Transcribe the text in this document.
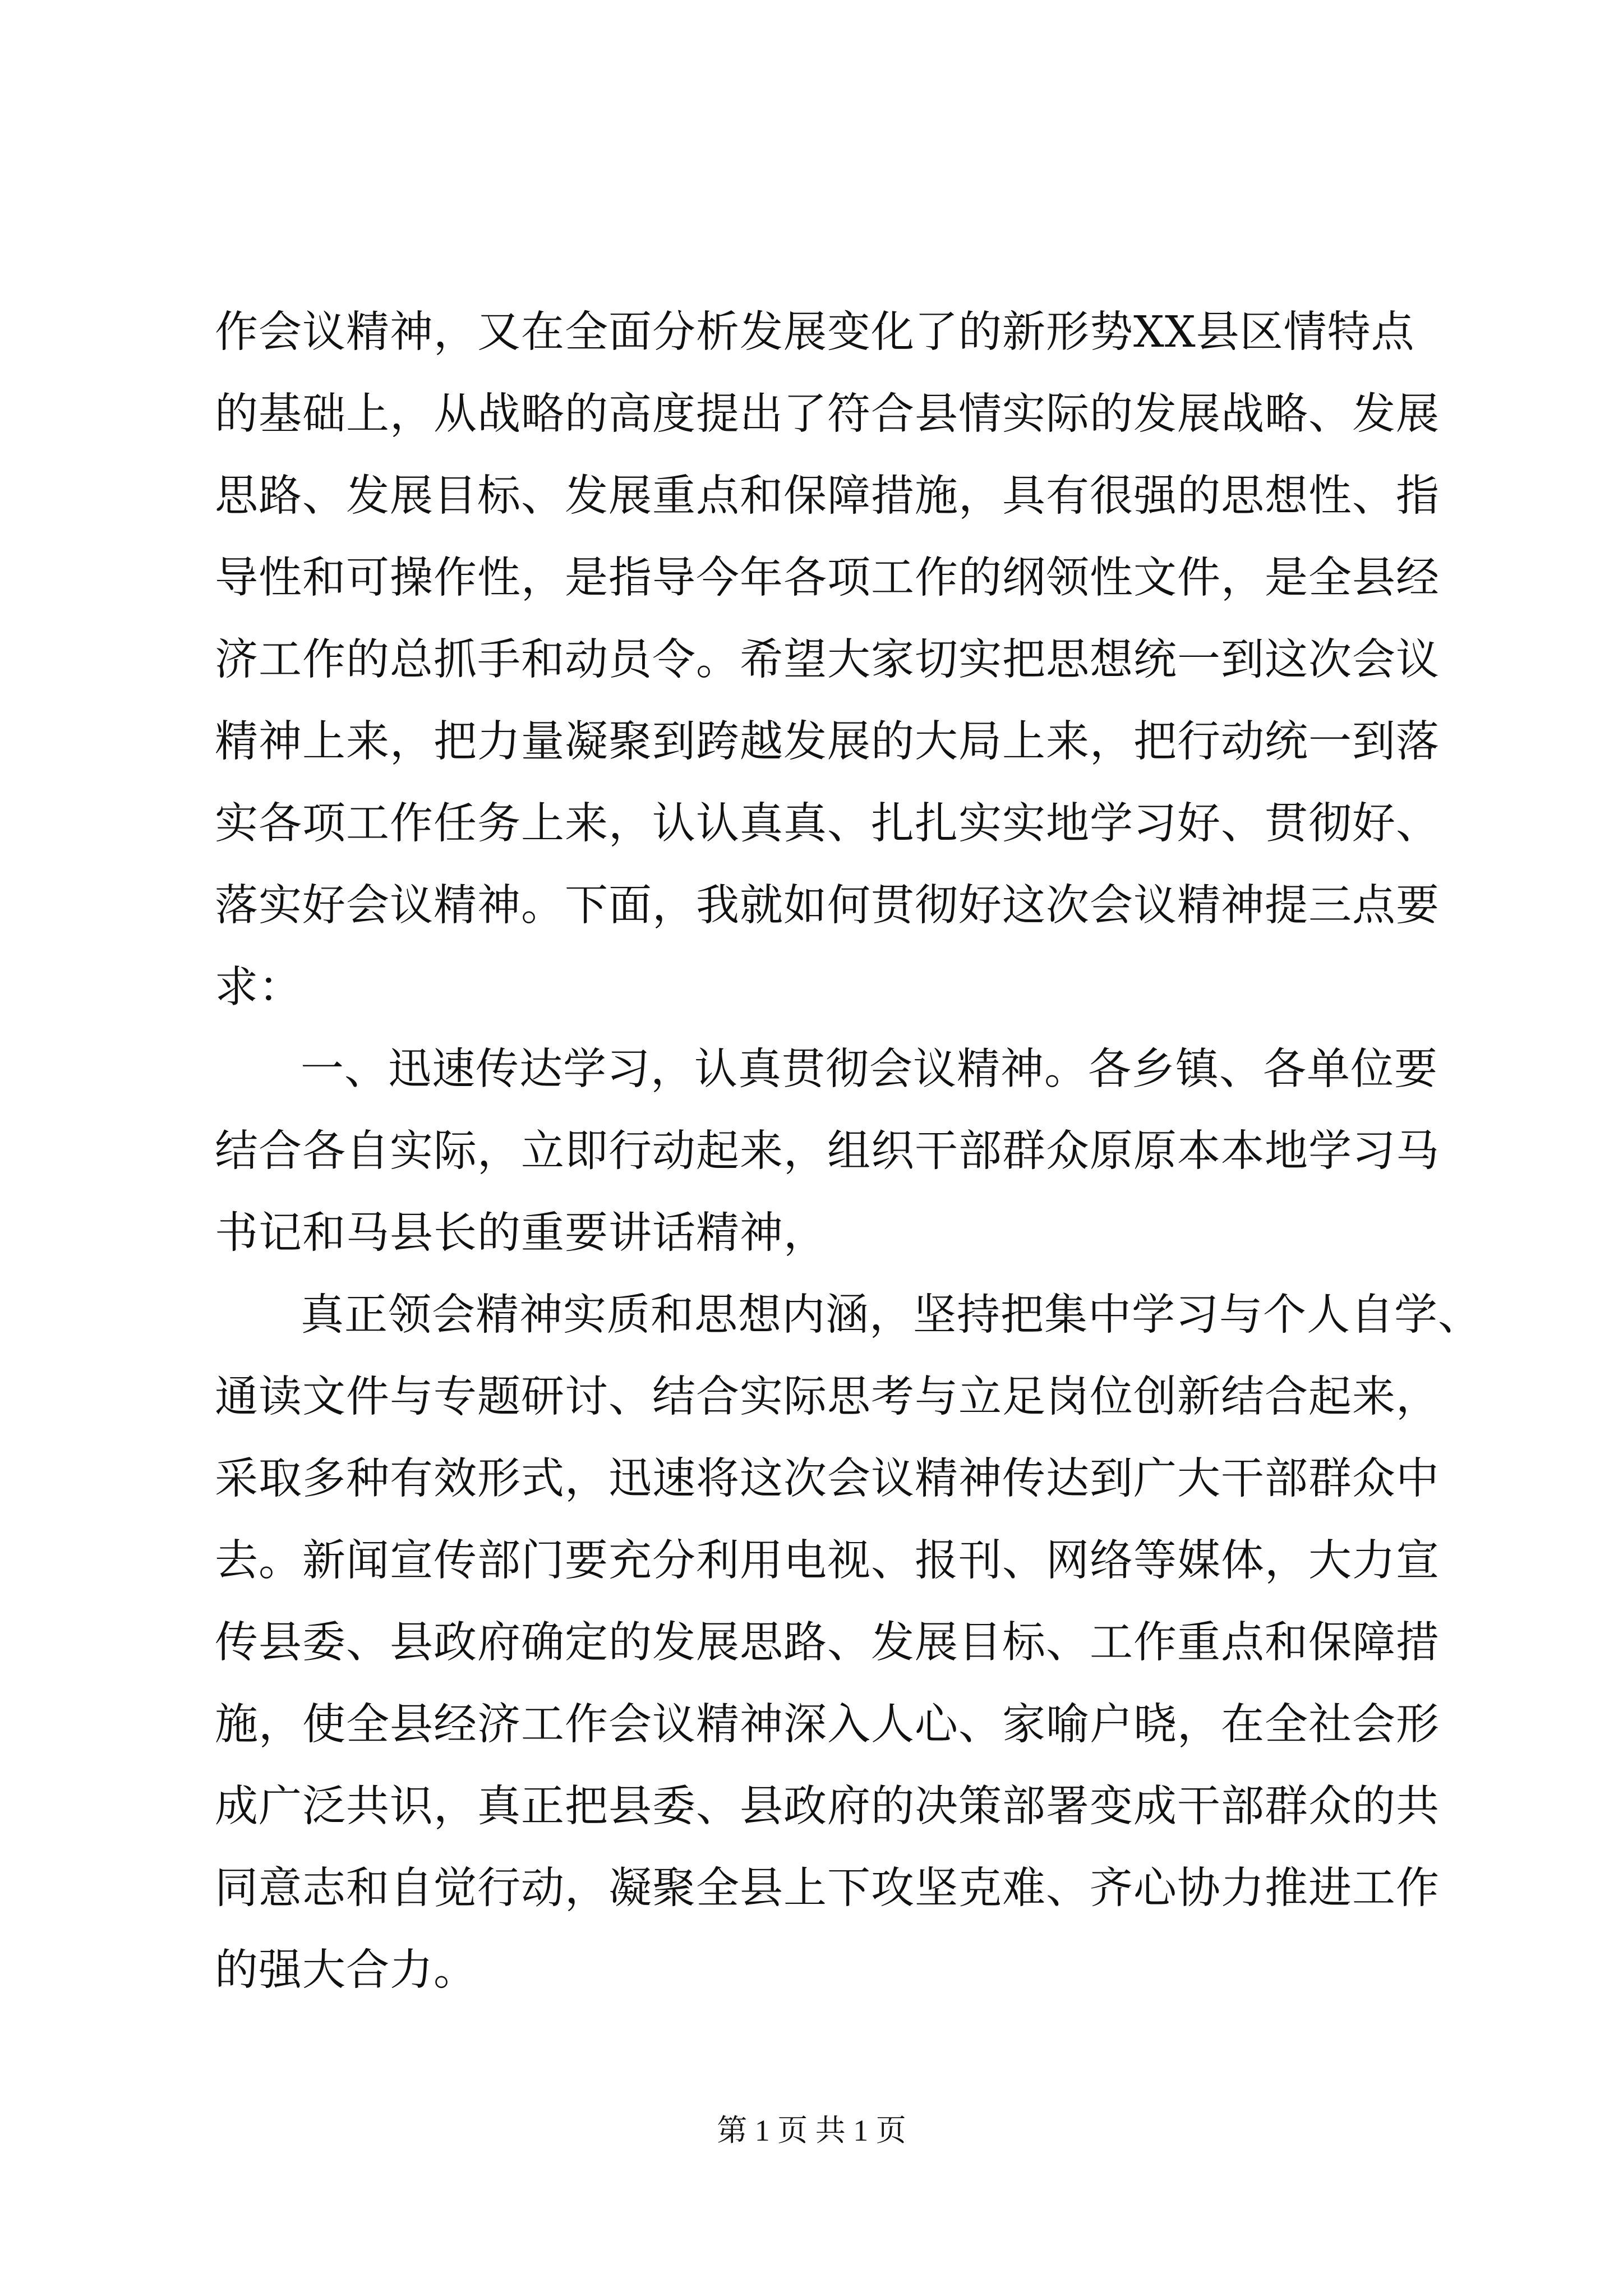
作会议精神，又在全面分析发展变化了的新形势XX县区情特点
的基础上，从战略的高度提出了符合县情实际的发展战略、发展
思路、发展目标、发展重点和保障措施，具有很强的思想性、指
导性和可操作性，是指导今年各项工作的纲领性文件，是全县经
济工作的总抓手和动员令。希望大家切实把思想统一到这次会议
精神上来，把力量凝聚到跨越发展的大局上来，把行动统一到落
实各项工作任务上来，认认真真、扎扎实实地学习好、贯彻好、
落实好会议精神。下面，我就如何贯彻好这次会议精神提三点要
求：
一、迅速传达学习，认真贯彻会议精神。各乡镇、各单位要
结合各自实际，立即行动起来，组织干部群众原原本本地学习马
书记和马县长的重要讲话精神，
真正领会精神实质和思想内涵，坚持把集中学习与个人自学、
通读文件与专题研讨、结合实际思考与立足岗位创新结合起来，
采取多种有效形式，迅速将这次会议精神传达到广大干部群众中
去。新闻宣传部门要充分利用电视、报刊、网络等媒体，大力宣
传县委、县政府确定的发展思路、发展目标、工作重点和保障措
施，使全县经济工作会议精神深入人心、家喻户晓，在全社会形
成广泛共识，真正把县委、县政府的决策部署变成干部群众的共
同意志和自觉行动，凝聚全县上下攻坚克难、齐心协力推进工作
的强大合力。
第 1 页 共 1 页
